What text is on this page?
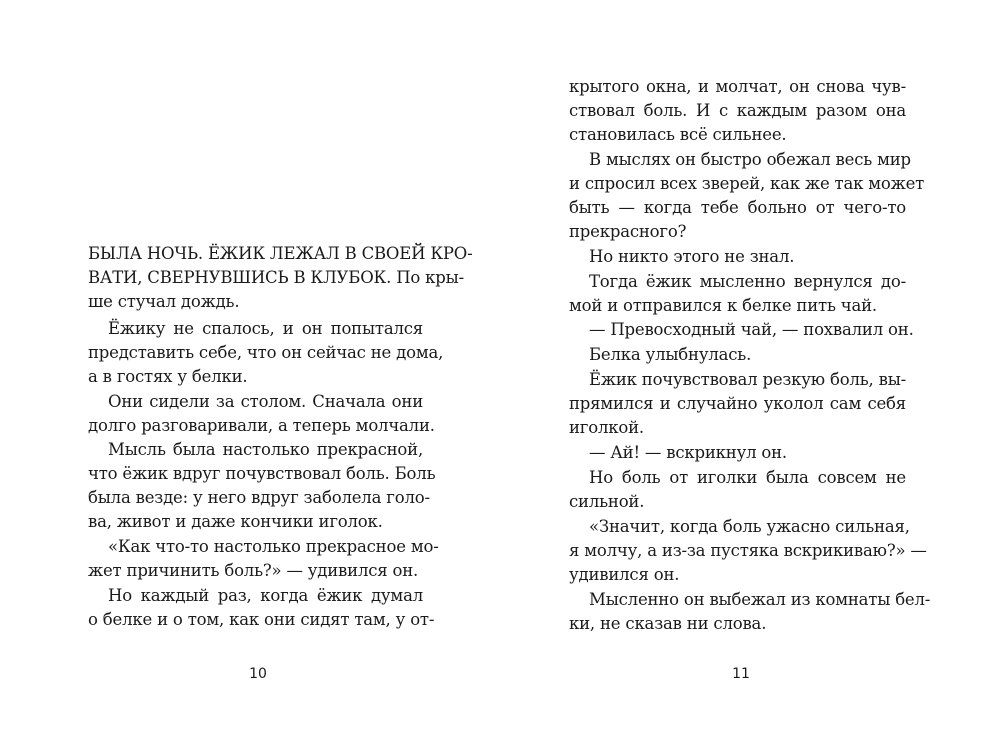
БЫЛА НОЧЬ. ЁЖИК ЛЕЖАЛ В СВОЕЙ КРО-
ВАТИ, СВЕРНУВШИСЬ В КЛУБОК. По кры-
ше стучал дождь.
Ёжику не спалось, и он попытался
представить себе, что он сейчас не дома,
а в гостях у белки.
Они сидели за столом. Сначала они
долго разговаривали, а теперь молчали.
Мысль была настолько прекрасной,
что ёжик вдруг почувствовал боль. Боль
была везде: у него вдруг заболела голо-
ва, живот и даже кончики иголок.
«Как что-то настолько прекрасное мо-
жет причинить боль?» — удивился он.
Но каждый раз, когда ёжик думал
о белке и о том, как они сидят там, у от-
10
крытого окна, и молчат, он снова чув-
ствовал боль. И с каждым разом она
становилась всё сильнее.
В мыслях он быстро обежал весь мир
и спросил всех зверей, как же так может
быть — когда тебе больно от чего-то
прекрасного?
Но никто этого не знал.
Тогда ёжик мысленно вернулся до-
мой и отправился к белке пить чай.
— Превосходный чай, — похвалил он.
Белка улыбнулась.
Ёжик почувствовал резкую боль, вы-
прямился и случайно уколол сам себя
иголкой.
— Ай! — вскрикнул он.
Но боль от иголки была совсем не
сильной.
«Значит, когда боль ужасно сильная,
я молчу, а из-за пустяка вскрикиваю?» —
удивился он.
Мысленно он выбежал из комнаты бел-
ки, не сказав ни слова.
11
